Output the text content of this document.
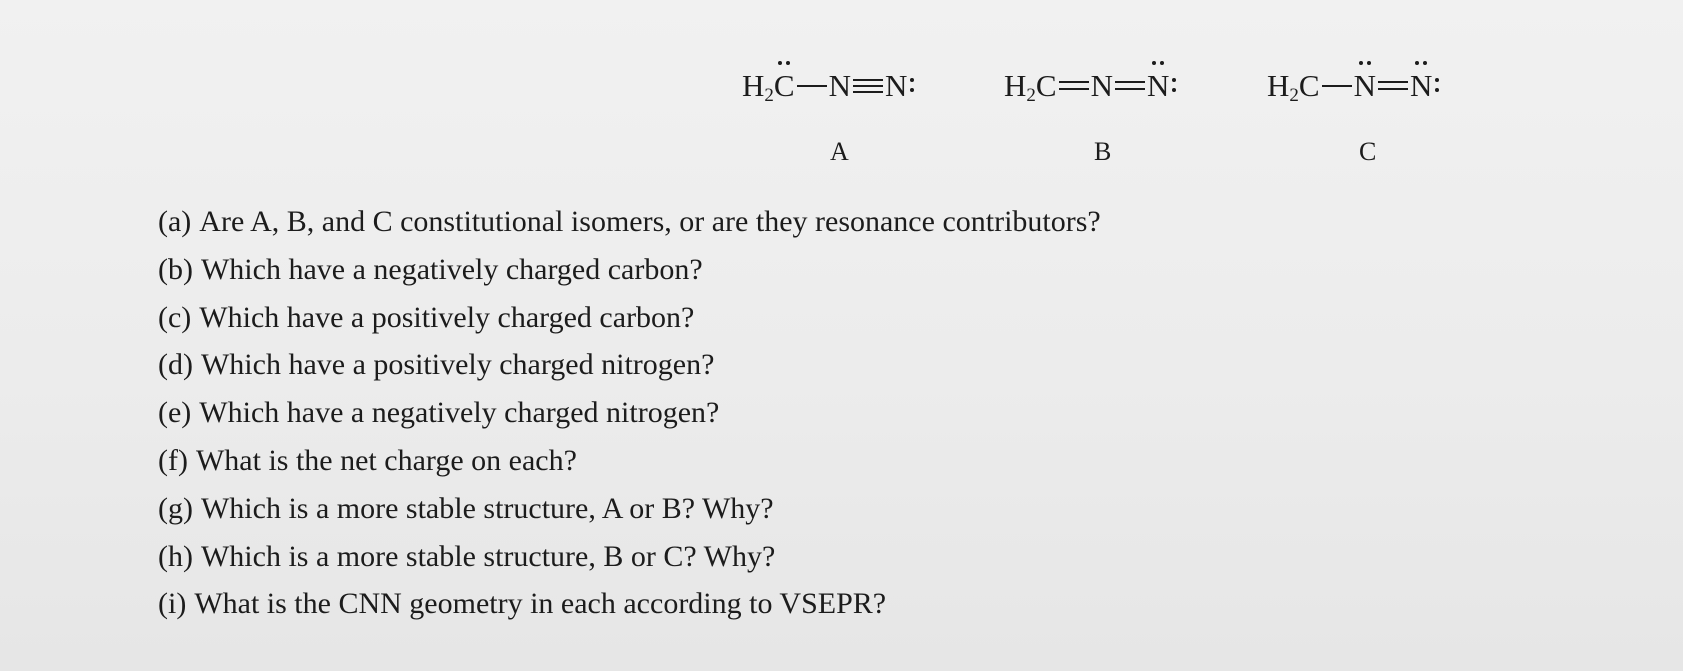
$H_2C$ N N
A
$H_2C$ N N
B
$H_2C$ N N
C
(a) Are A, B, and C constitutional isomers, or are they resonance contributors?
(b) Which have a negatively charged carbon?
(c) Which have a positively charged carbon?
(d) Which have a positively charged nitrogen?
(e) Which have a negatively charged nitrogen?
(f) What is the net charge on each?
(g) Which is a more stable structure, A or B? Why?
(h) Which is a more stable structure, B or C? Why?
(i) What is the CNN geometry in each according to VSEPR?
